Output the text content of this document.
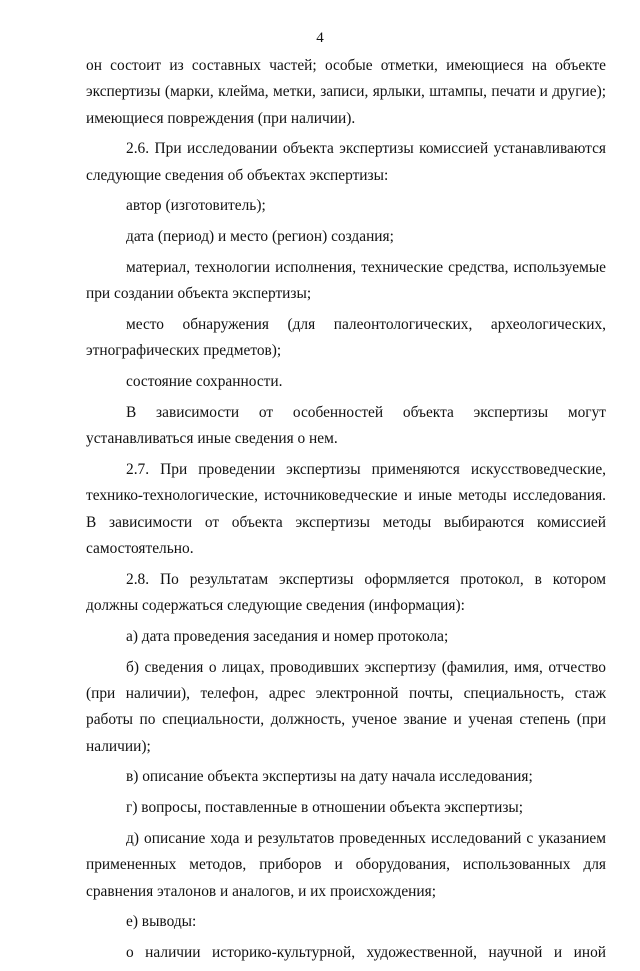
4

он состоит из составных частей; особые отметки, имеющиеся на объекте экспертизы (марки, клейма, метки, записи, ярлыки, штампы, печати и другие); имеющиеся повреждения (при наличии).

2.6. При исследовании объекта экспертизы комиссией устанавливаются следующие сведения об объектах экспертизы:

автор (изготовитель);

дата (период) и место (регион) создания;

материал, технологии исполнения, технические средства, используемые при создании объекта экспертизы;

место обнаружения (для палеонтологических, археологических, этнографических предметов);

состояние сохранности.

В зависимости от особенностей объекта экспертизы могут устанавливаться иные сведения о нем.

2.7. При проведении экспертизы применяются искусствоведческие, технико-технологические, источниковедческие и иные методы исследования. В зависимости от объекта экспертизы методы выбираются комиссией самостоятельно.

2.8. По результатам экспертизы оформляется протокол, в котором должны содержаться следующие сведения (информация):

а) дата проведения заседания и номер протокола;

б) сведения о лицах, проводивших экспертизу (фамилия, имя, отчество (при наличии), телефон, адрес электронной почты, специальность, стаж работы по специальности, должность, ученое звание и ученая степень (при наличии);

в) описание объекта экспертизы на дату начала исследования;

г) вопросы, поставленные в отношении объекта экспертизы;

д) описание хода и результатов проведенных исследований с указанием примененных методов, приборов и оборудования, использованных для сравнения эталонов и аналогов, и их происхождения;

е) выводы:

о наличии историко-культурной, художественной, научной и иной
